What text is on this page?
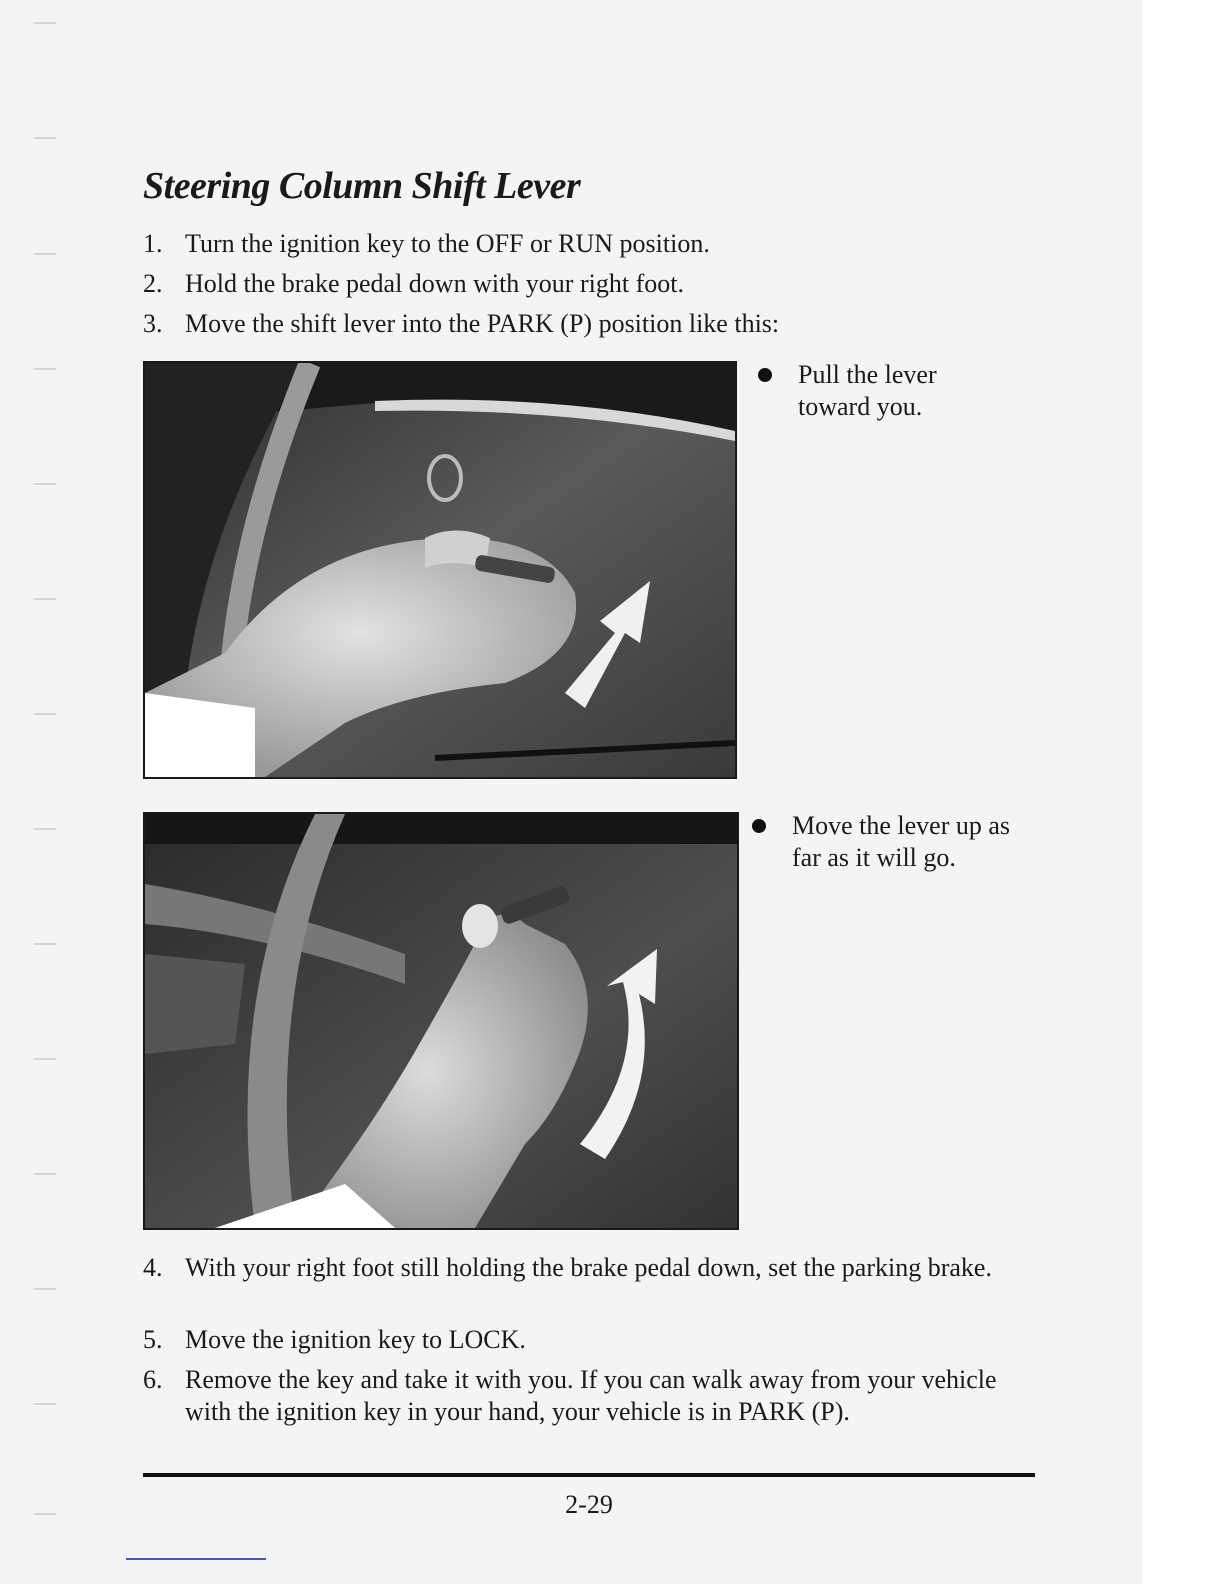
Steering Column Shift Lever
1. Turn the ignition key to the OFF or RUN position.
2. Hold the brake pedal down with your right foot.
3. Move the shift lever into the PARK (P) position like this:
Pull the lever toward you.
Move the lever up as far as it will go.
4. With your right foot still holding the brake pedal down, set the parking brake.
5. Move the ignition key to LOCK.
6. Remove the key and take it with you. If you can walk away from your vehicle with the ignition key in your hand, your vehicle is in PARK (P).
2-29
